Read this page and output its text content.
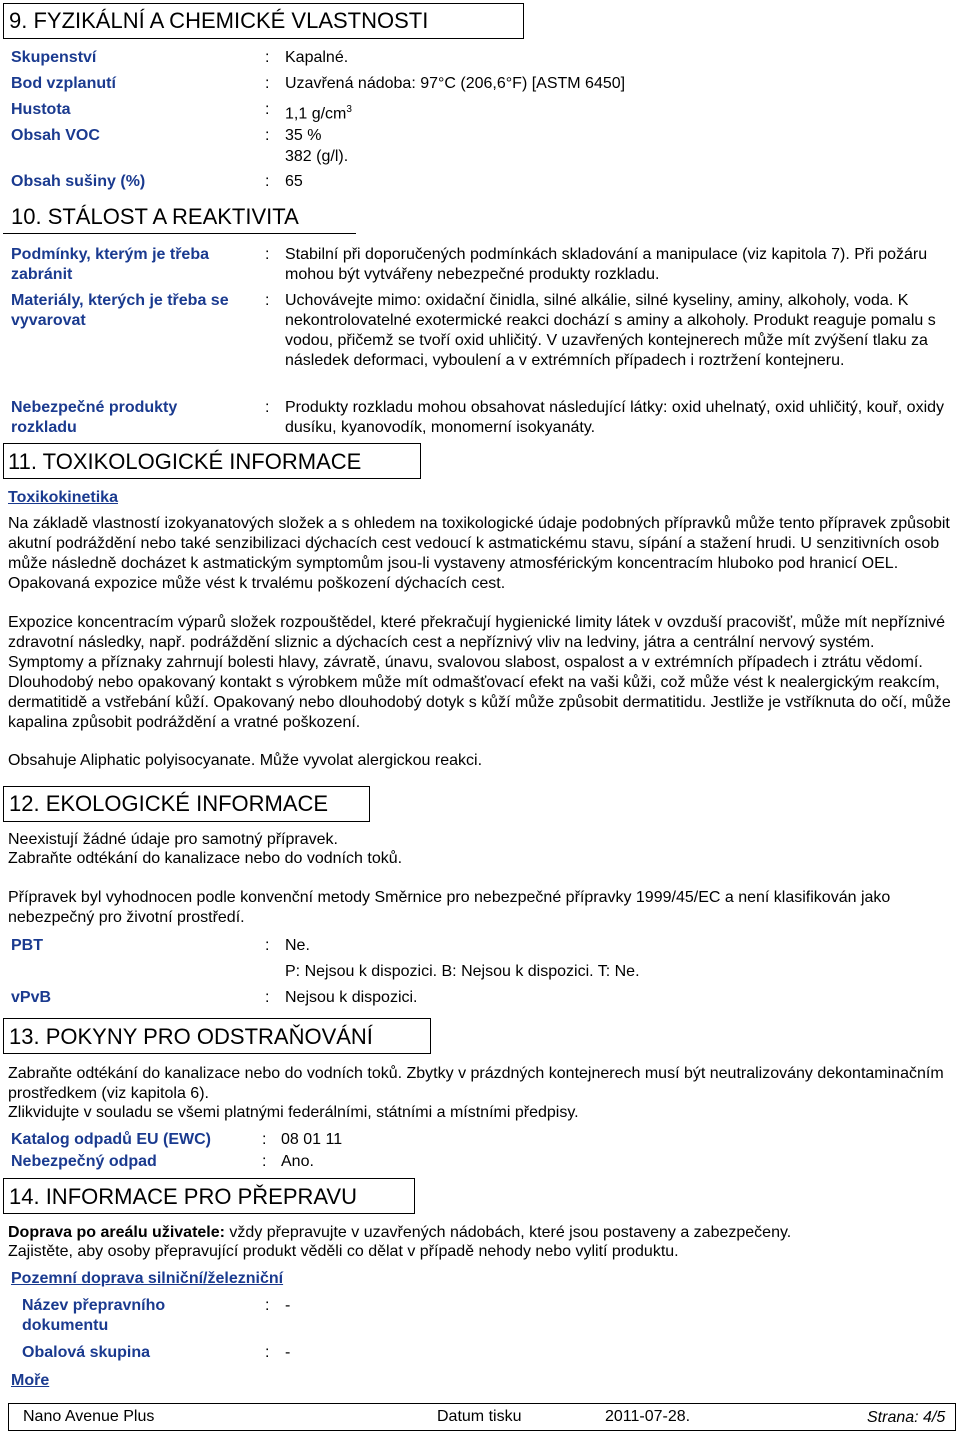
9. FYZIKÁLNÍ A CHEMICKÉ VLASTNOSTI
Skupenství	: Kapalné.
Bod vzplanutí	: Uzavřená nádoba: 97°C (206,6°F) [ASTM 6450]
Hustota	: 1,1 $g/cm^3$
Obsah VOC	: 35 %
382 (g/l).
Obsah sušiny (%)	: 65
10. STÁLOST A REAKTIVITA
Podmínky, kterým je třeba
zabránit
: Stabilní při doporučených podmínkách skladování a manipulace (viz kapitola 7). Při požáru mohou být vytvářeny nebezpečné produkty rozkladu.
Materiály, kterých je třeba se
vyvarovat
: Uchovávejte mimo: oxidační činidla, silné alkálie, silné kyseliny, aminy, alkoholy, voda. K nekontrolovatelné exotermické reakci dochází s aminy a alkoholy. Produkt reaguje pomalu s vodou, přičemž se tvoří oxid uhličitý. V uzavřených kontejnerech může mít zvýšení tlaku za následek deformaci, vyboulení a v extrémních případech i roztržení kontejneru.
Nebezpečné produkty
rozkladu
: Produkty rozkladu mohou obsahovat následující látky: oxid uhelnatý, oxid uhličitý, kouř, oxidy dusíku, kyanovodík, monomerní isokyanáty.
11. TOXIKOLOGICKÉ INFORMACE
Toxikokinetika
Na základě vlastností izokyanatových složek a s ohledem na toxikologické údaje podobných přípravků může tento přípravek způsobit akutní podráždění nebo také senzibilizaci dýchacích cest vedoucí k astmatickému stavu, sípání a stažení hrudi. U senzitivních osob může následně docházet k astmatickým symptomům jsou-li vystaveny atmosférickým koncentracím hluboko pod hranicí OEL. Opakovaná expozice může vést k trvalému poškození dýchacích cest.
Expozice koncentracím výparů složek rozpouštědel, které překračují hygienické limity látek v ovzduší pracovišť, může mít nepříznivé zdravotní následky, např. podráždění sliznic a dýchacích cest a nepříznivý vliv na ledviny, játra a centrální nervový systém. Symptomy a příznaky zahrnují bolesti hlavy, závratě, únavu, svalovou slabost, ospalost a v extrémních případech i ztrátu vědomí. Dlouhodobý nebo opakovaný kontakt s výrobkem může mít odmašťovací efekt na vaši kůži, což může vést k nealergickým reakcím, dermatitidě a vstřebání kůží. Opakovaný nebo dlouhodobý dotyk s kůží může způsobit dermatitidu. Jestliže je vstříknuta do očí, může kapalina způsobit podráždění a vratné poškození.
Obsahuje Aliphatic polyisocyanate. Může vyvolat alergickou reakci.
12. EKOLOGICKÉ INFORMACE
Neexistují žádné údaje pro samotný přípravek.
Zabraňte odtékání do kanalizace nebo do vodních toků.
Přípravek byl vyhodnocen podle konvenční metody Směrnice pro nebezpečné přípravky 1999/45/EC a není klasifikován jako nebezpečný pro životní prostředí.
PBT	: Ne.
P: Nejsou k dispozici. B: Nejsou k dispozici. T: Ne.
vPvB	: Nejsou k dispozici.
13. POKYNY PRO ODSTRAŇOVÁNÍ
Zabraňte odtékání do kanalizace nebo do vodních toků. Zbytky v prázdných kontejnerech musí být neutralizovány dekontaminačním prostředkem (viz kapitola 6).
Zlikvidujte v souladu se všemi platnými federálními, státními a místními předpisy.
Katalog odpadů EU (EWC)	: 08 01 11
Nebezpečný odpad	: Ano.
14. INFORMACE PRO PŘEPRAVU
Doprava po areálu uživatele: vždy přepravujte v uzavřených nádobách, které jsou postaveny a zabezpečeny.
Zajistěte, aby osoby přepravující produkt věděli co dělat v případě nehody nebo vylití produktu.
Pozemní doprava silniční/železniční
Název přepravního
dokumentu
: -
Obalová skupina	: -
Moře
Nano Avenue Plus	Datum tisku	2011-07-28.	Strana: 4/5
